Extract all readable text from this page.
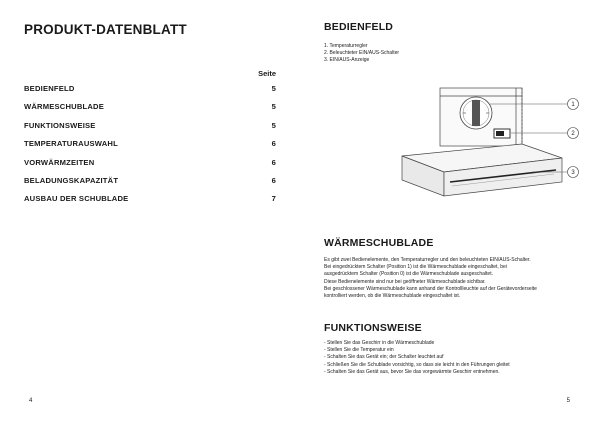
PRODUKT-DATENBLATT
Seite
BEDIENFELD	5
WÄRMESCHUBLADE	5
FUNKTIONSWEISE	5
TEMPERATURAUSWAHL	6
VORWÄRMZEITEN	6
BELADUNGSKAPAZITÄT	6
AUSBAU DER SCHUBLADE	7
4
BEDIENFELD
1. Temperaturregler
2. Beleuchteter EIN/AUS-Schalter
3. EIN/AUS-Anzeige
1
2
3
WÄRMESCHUBLADE

Es gibt zwei Bedienelemente, den Temperaturregler und den beleuchteten EIN/AUS-Schalter.

Bei eingedrücktem Schalter (Position 1) ist die Wärmeschublade eingeschaltet, bei

ausgedrücktem Schalter (Position 0) ist die Wärmeschublade ausgeschaltet.

Diese Bedienelemente sind nur bei geöffneter Wärmeschublade sichtbar.

Bei geschlossener Wärmeschublade kann anhand der Kontrollleuchte auf der Gerätevorderseite

kontrolliert werden, ob die Wärmeschublade eingeschaltet ist.

FUNKTIONSWEISE

- Stellen Sie das Geschirr in die Wärmeschublade

- Stellen Sie die Temperatur ein

- Schalten Sie das Gerät ein; der Schalter leuchtet auf

- Schließen Sie die Schublade vorsichtig, so dass sie leicht in den Führungen gleitet

- Schalten Sie das Gerät aus, bevor Sie das vorgewärmte Geschirr entnehmen.

5
